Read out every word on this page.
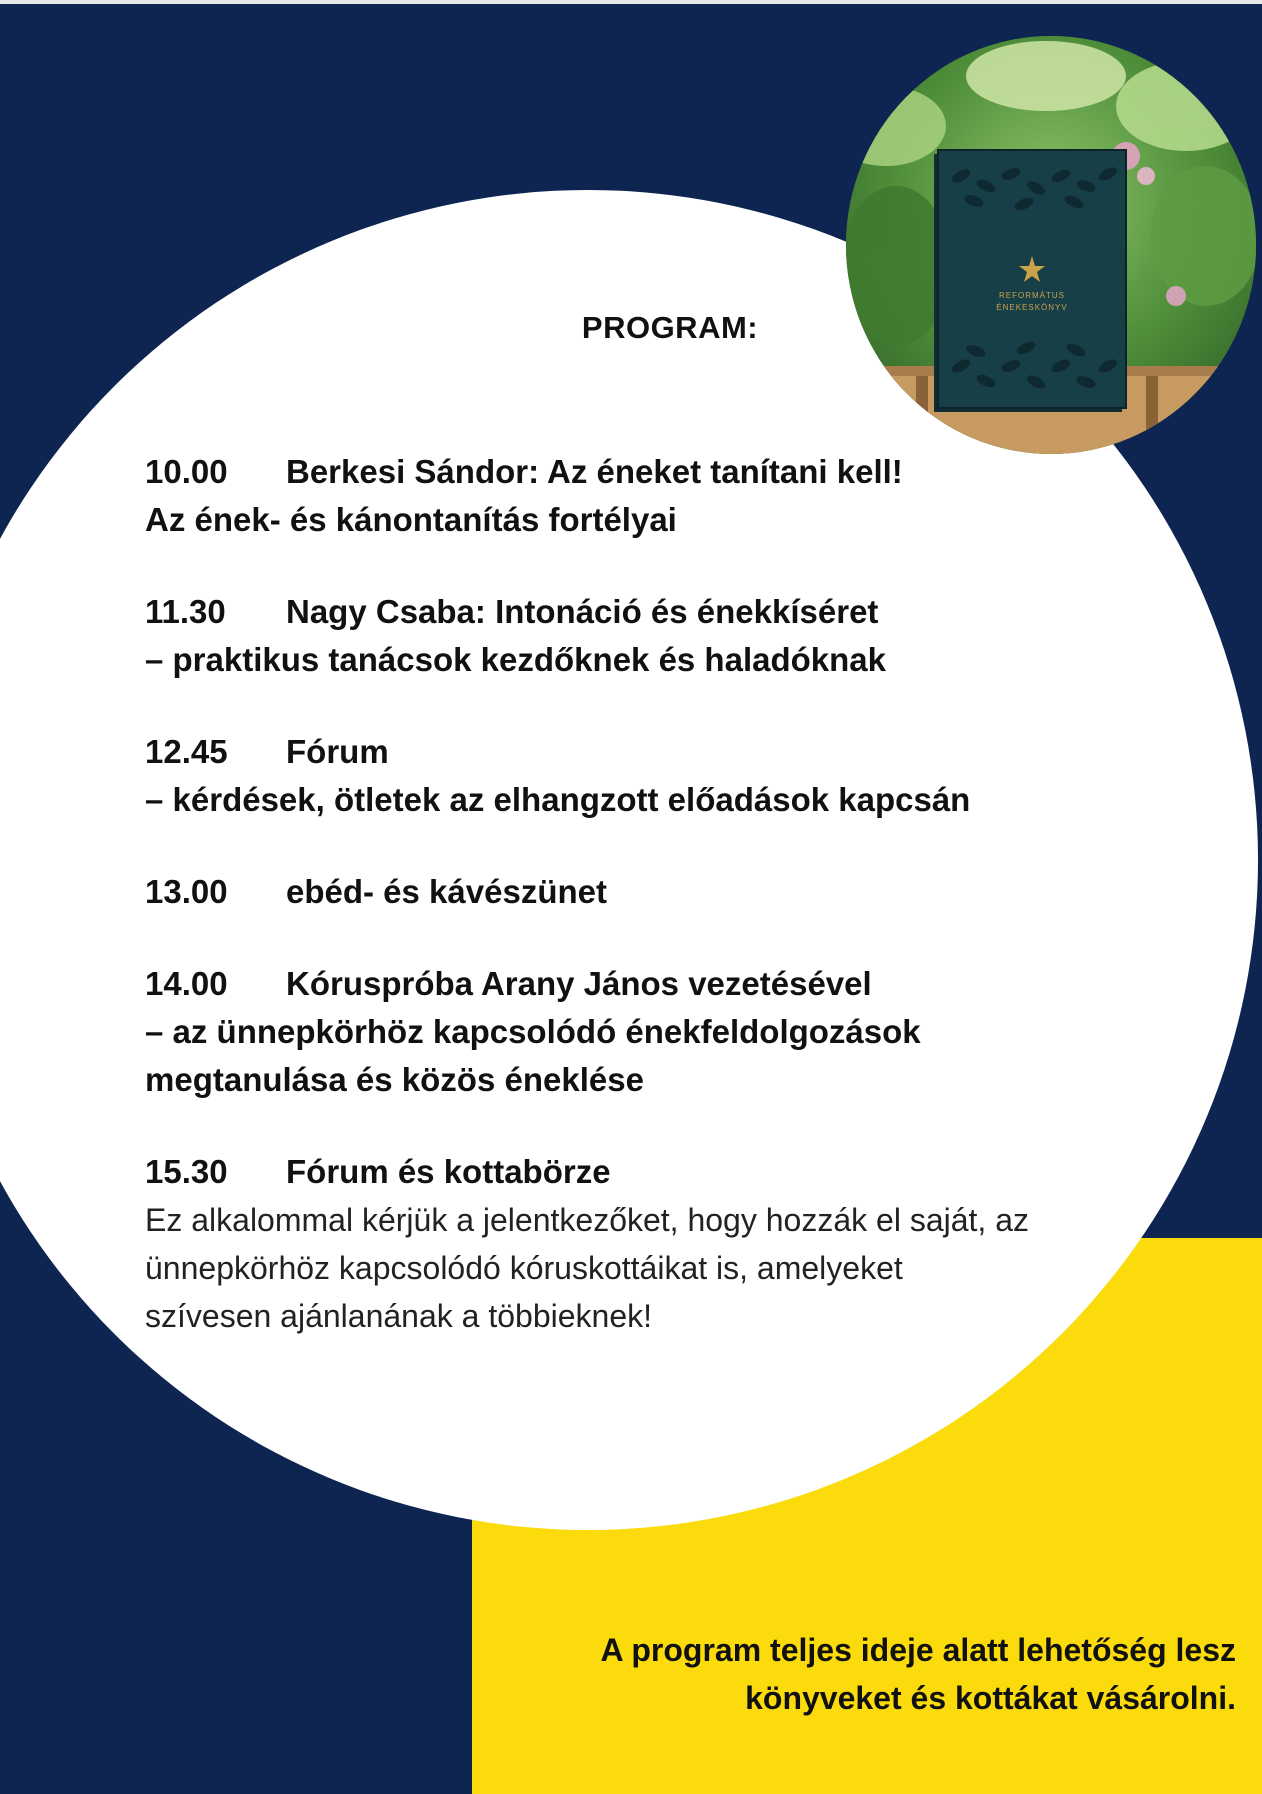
REFORMÁTUS
ÉNEKESKÖNYV
PROGRAM:
10.00 Berkesi Sándor: Az éneket tanítani kell!
Az ének- és kánontanítás fortélyai
11.30 Nagy Csaba: Intonáció és énekkíséret
– praktikus tanácsok kezdőknek és haladóknak
12.45 Fórum
– kérdések, ötletek az elhangzott előadások kapcsán
13.00 ebéd- és kávészünet
14.00 Kóruspróba Arany János vezetésével
– az ünnepkörhöz kapcsolódó énekfeldolgozások
megtanulása és közös éneklése
15.30 Fórum és kottabörze
Ez alkalommal kérjük a jelentkezőket, hogy hozzák el saját, az
ünnepkörhöz kapcsolódó kóruskottáikat is, amelyeket
szívesen ajánlanának a többieknek!
A program teljes ideje alatt lehetőség lesz
könyveket és kottákat vásárolni.
